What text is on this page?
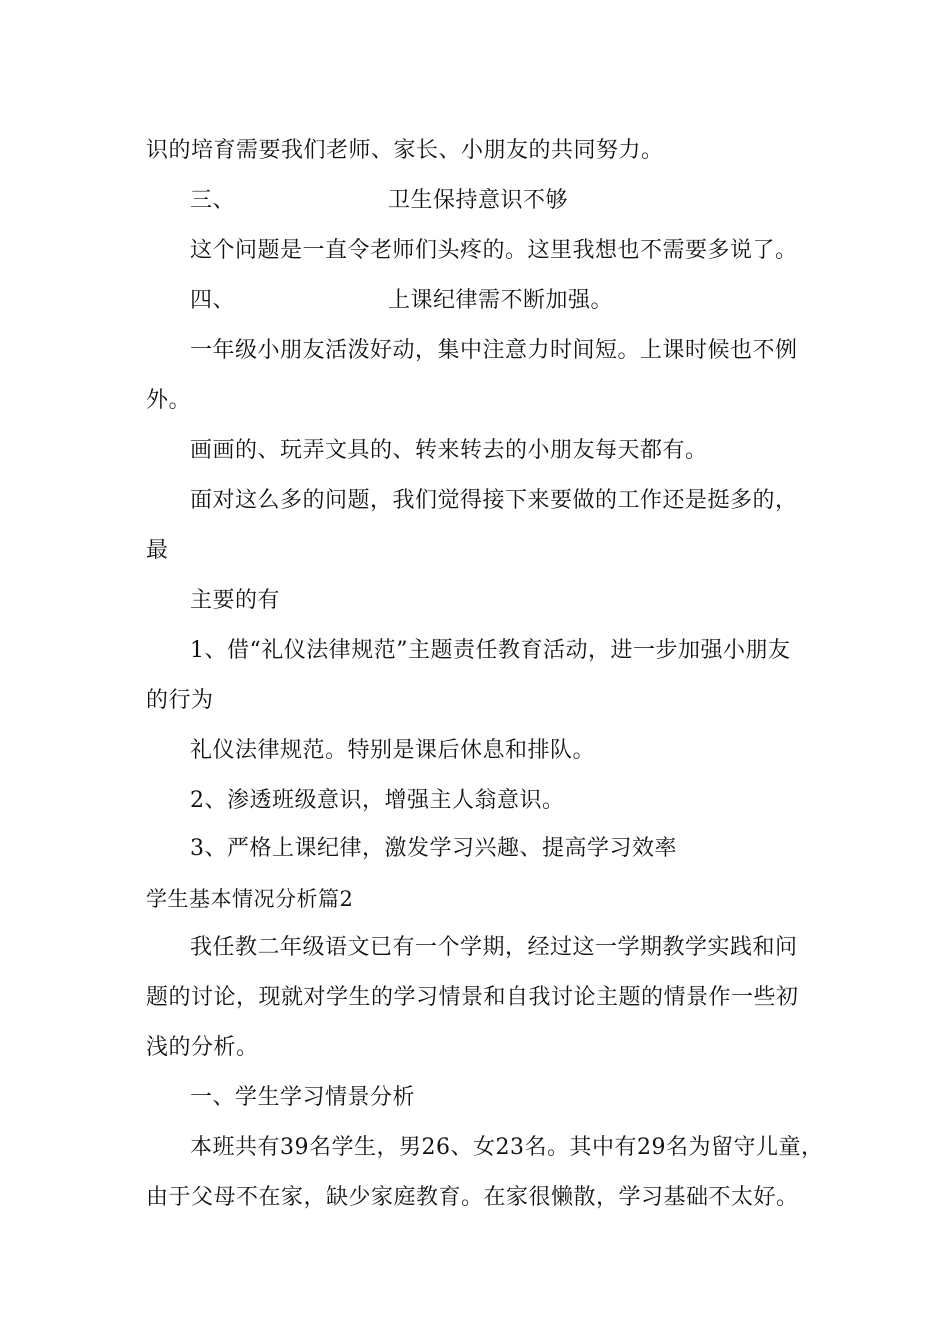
识的培育需要我们老师、家长、小朋友的共同努力。
三、	卫生保持意识不够
这个问题是一直令老师们头疼的。这里我想也不需要多说了。
四、	上课纪律需不断加强。
一年级小朋友活泼好动，集中注意力时间短。上课时候也不例
外。
画画的、玩弄文具的、转来转去的小朋友每天都有。
面对这么多的问题，我们觉得接下来要做的工作还是挺多的，
最
主要的有
1、借“礼仪法律规范”主题责任教育活动，进一步加强小朋友
的行为
礼仪法律规范。特别是课后休息和排队。
2、渗透班级意识，增强主人翁意识。
3、严格上课纪律，激发学习兴趣、提高学习效率
学生基本情况分析篇2
我任教二年级语文已有一个学期，经过这一学期教学实践和问
题的讨论，现就对学生的学习情景和自我讨论主题的情景作一些初
浅的分析。
一、学生学习情景分析
本班共有39名学生，男26、女23名。其中有29名为留守儿童，
由于父母不在家，缺少家庭教育。在家很懒散，学习基础不太好。
